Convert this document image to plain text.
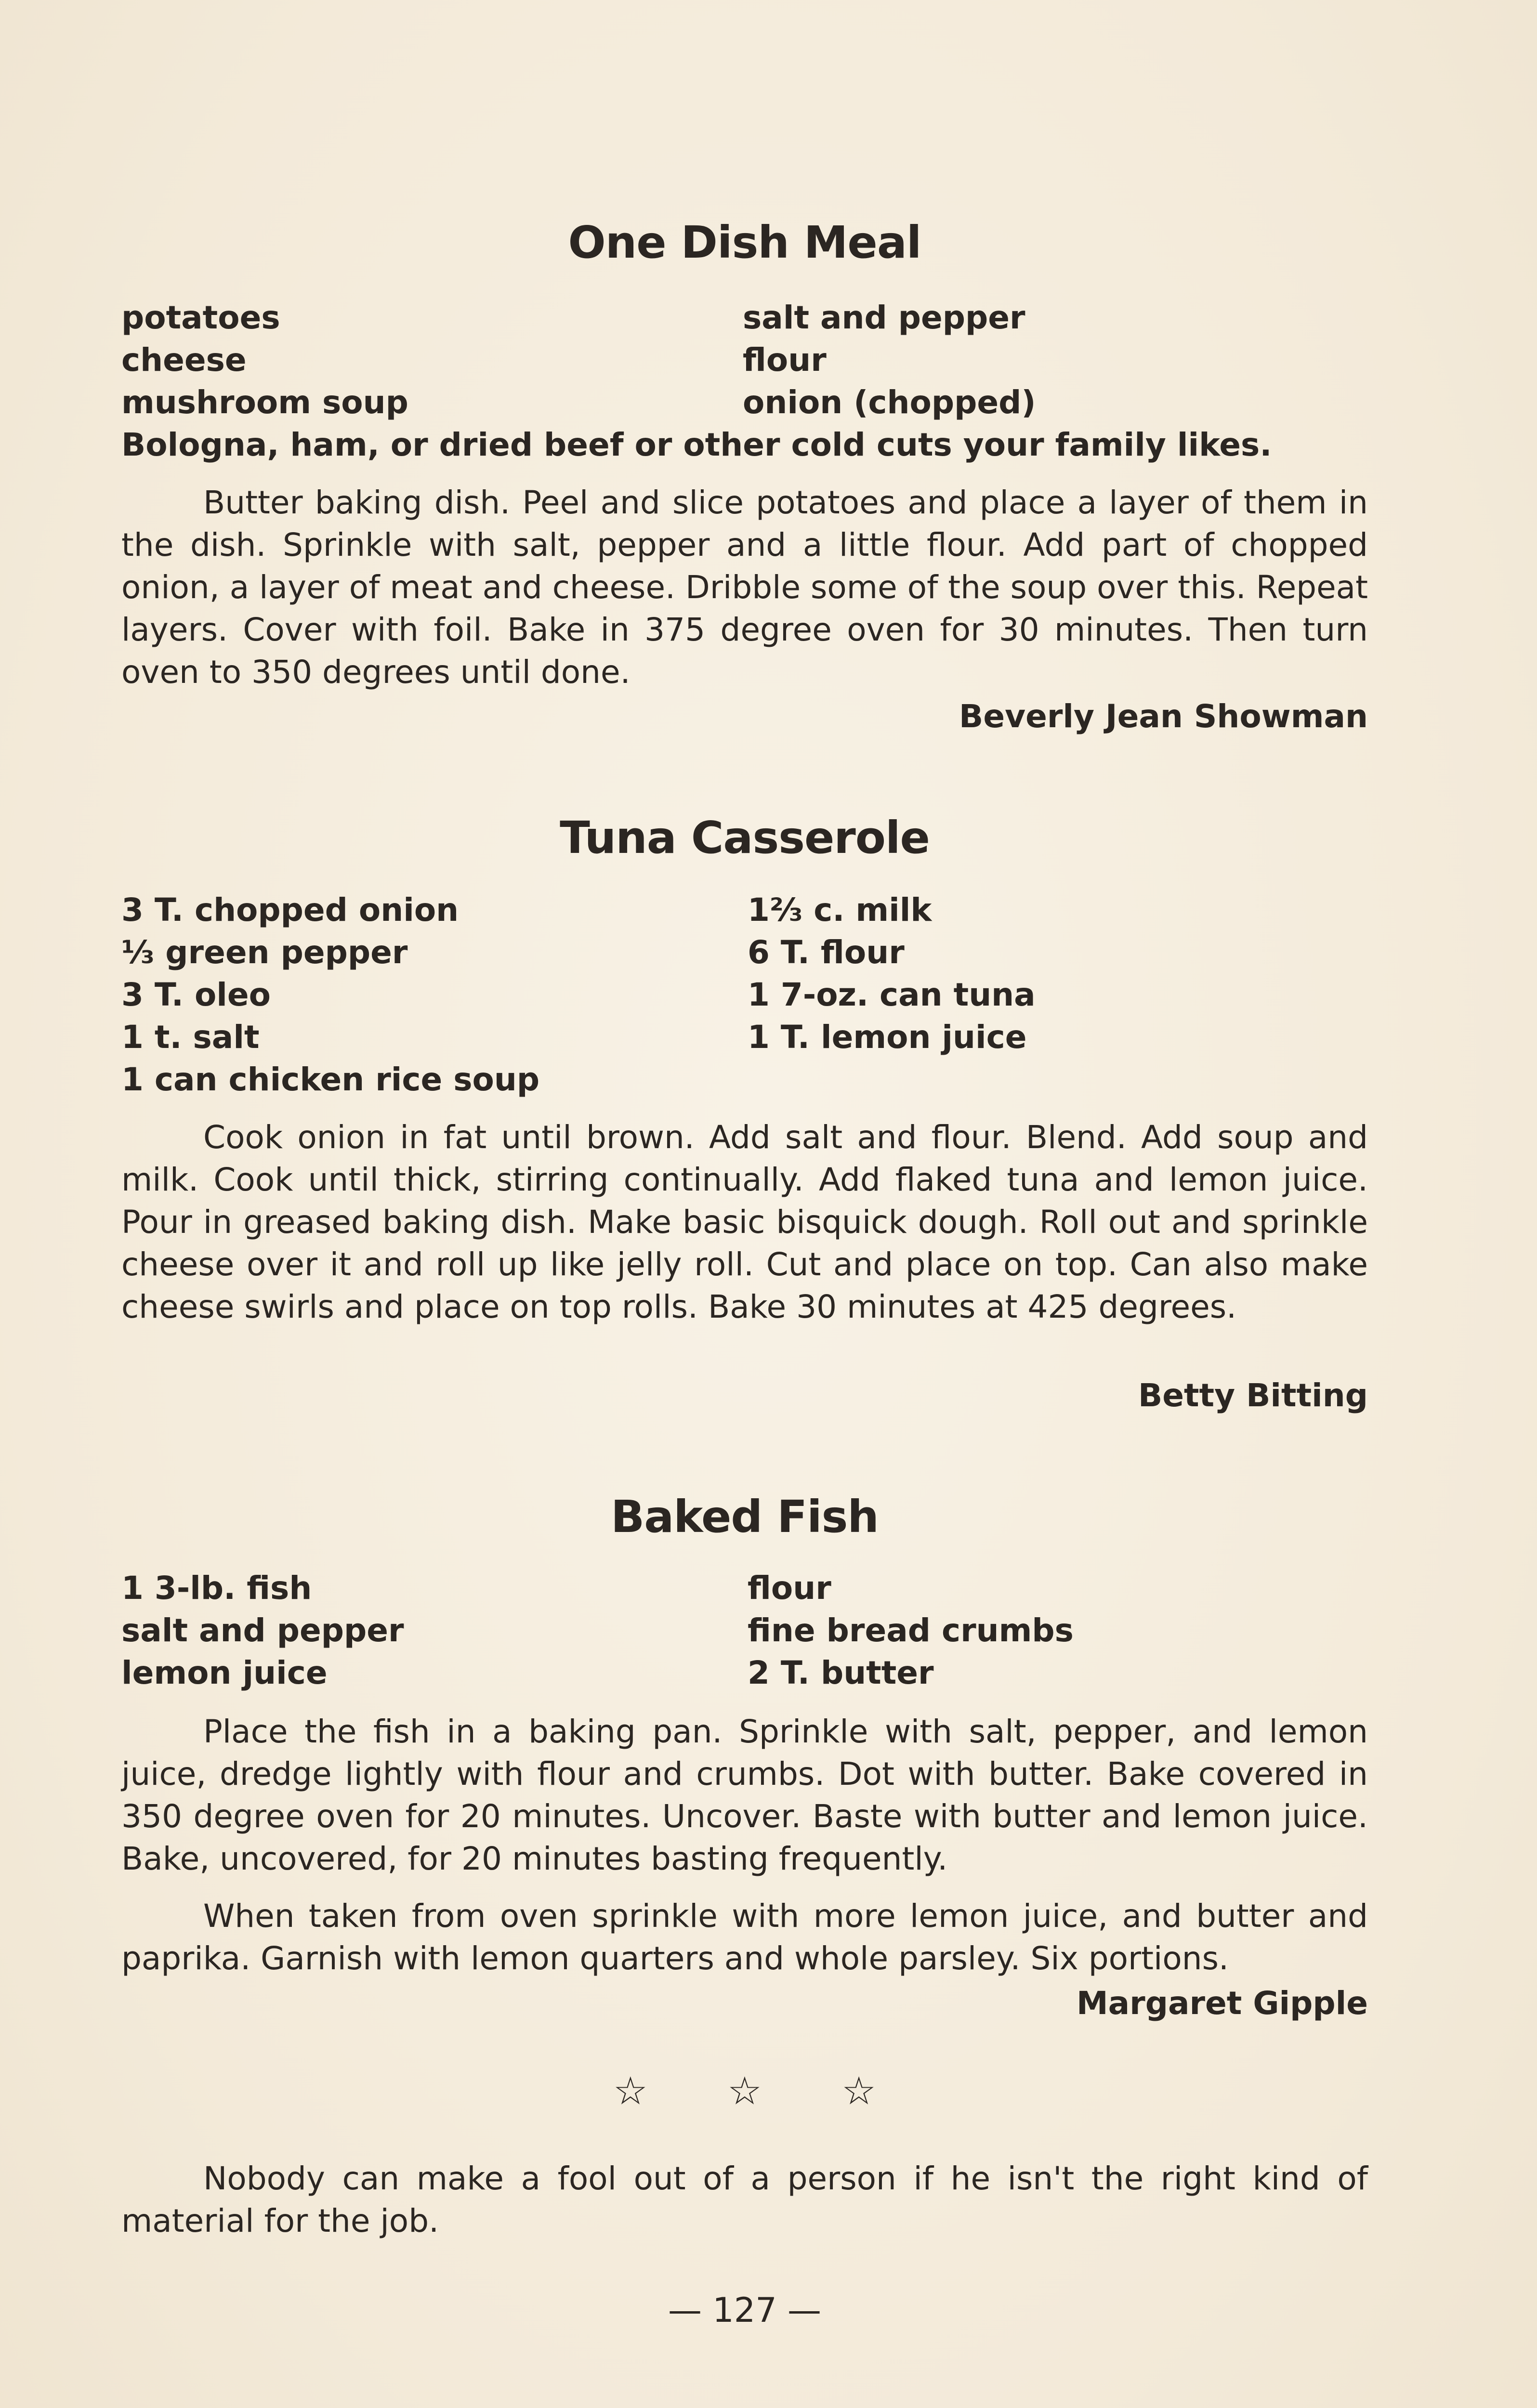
One Dish Meal
potatoes
cheese
mushroom soup
salt and pepper
flour
onion (chopped)
Bologna, ham, or dried beef or other cold cuts your family likes.

Butter baking dish. Peel and slice potatoes and place a layer of them in the dish. Sprinkle with salt, pepper and a little flour. Add part of chopped onion, a layer of meat and cheese. Dribble some of the soup over this. Repeat layers. Cover with foil. Bake in 375 degree oven for 30 minutes. Then turn oven to 350 degrees until done.

Beverly Jean Showman
Tuna Casserole
3 T. chopped onion
⅓ green pepper
3 T. oleo
1 t. salt
1 can chicken rice soup
1⅔ c. milk
6 T. flour
1 7-oz. can tuna
1 T. lemon juice

Cook onion in fat until brown. Add salt and flour. Blend. Add soup and milk. Cook until thick, stirring continually. Add flaked tuna and lemon juice. Pour in greased baking dish. Make basic bisquick dough. Roll out and sprinkle cheese over it and roll up like jelly roll. Cut and place on top. Can also make cheese swirls and place on top rolls. Bake 30 minutes at 425 degrees.

Betty Bitting
Baked Fish
1 3-lb. fish
salt and pepper
lemon juice
flour
fine bread crumbs
2 T. butter

Place the fish in a baking pan. Sprinkle with salt, pepper, and lemon juice, dredge lightly with flour and crumbs. Dot with butter. Bake covered in 350 degree oven for 20 minutes. Uncover. Baste with butter and lemon juice. Bake, uncovered, for 20 minutes basting frequently.

When taken from oven sprinkle with more lemon juice, and butter and paprika. Garnish with lemon quarters and whole parsley. Six portions.

Margaret Gipple
☆ ☆ ☆

Nobody can make a fool out of a person if he isn't the right kind of material for the job.

— 127 —
